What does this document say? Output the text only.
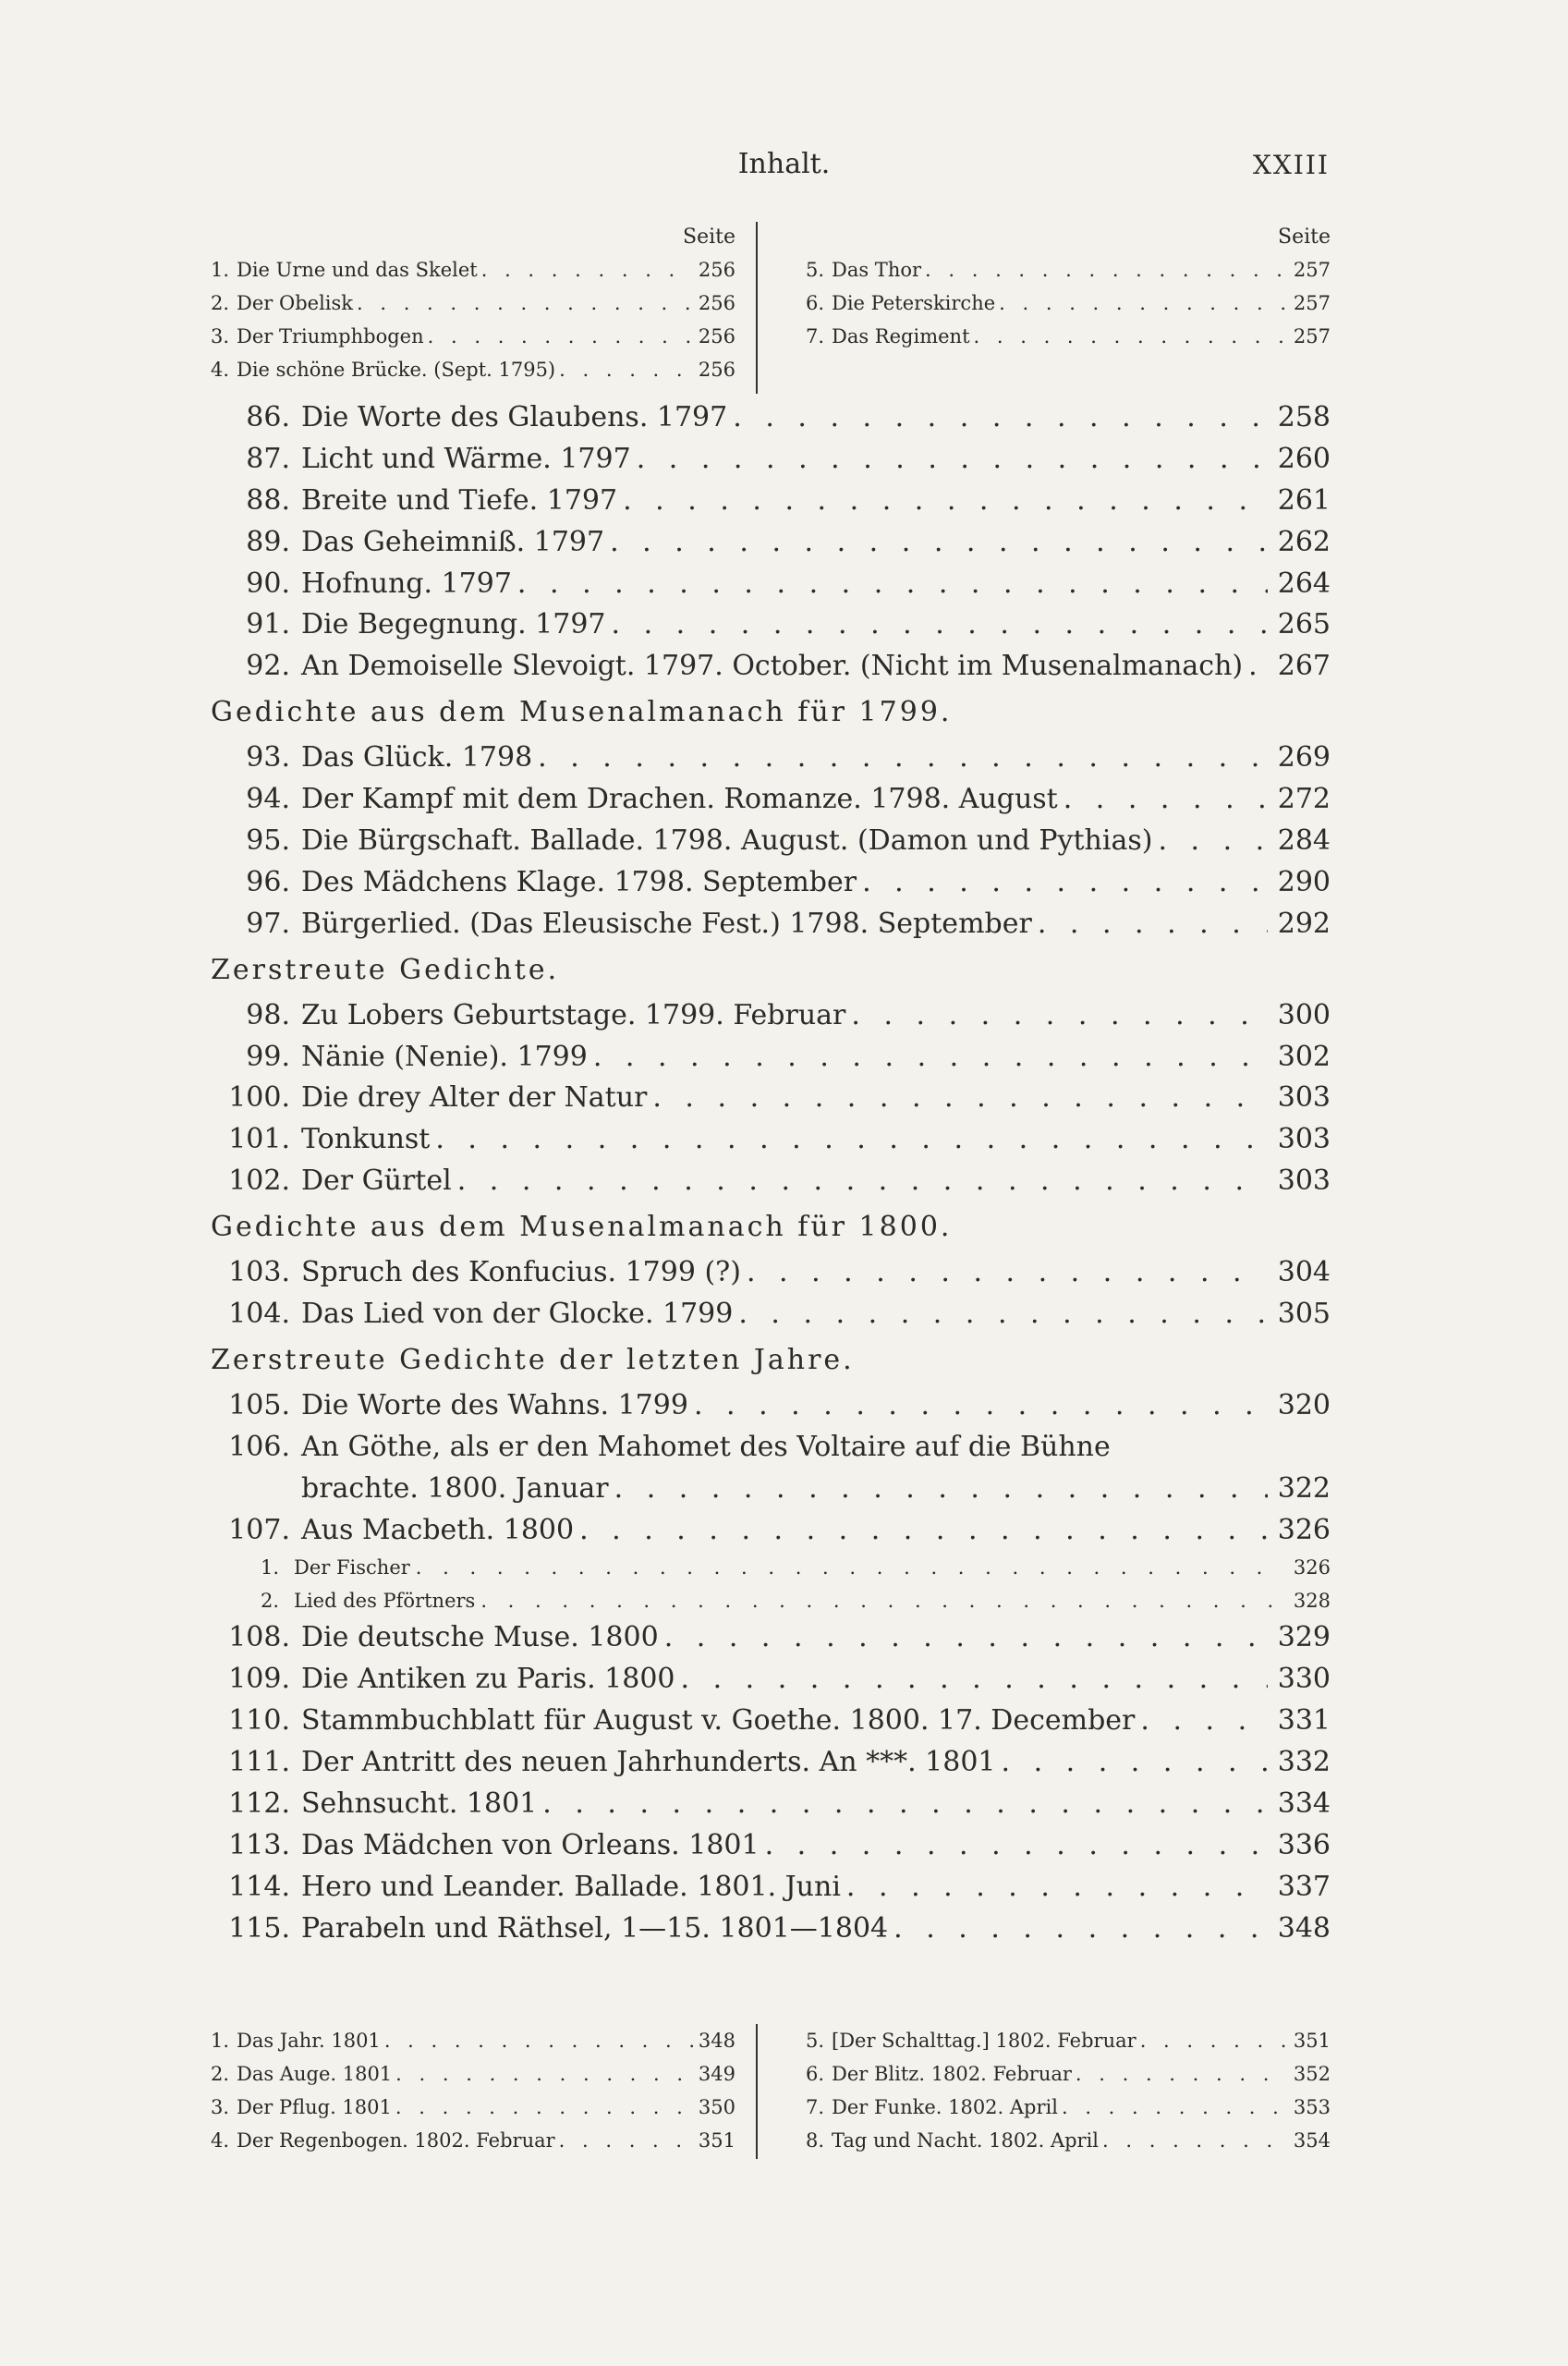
Inhalt.	XXIII
Seite
1. Die Urne und das Skelet . . .	256
2. Der Obelisk . . .	256
3. Der Triumphbogen . . .	256
4. Die schöne Brücke. (Sept. 1795) . . .	256
Seite
5. Das Thor . . .	257
6. Die Peterskirche . . .	257
7. Das Regiment . . .	257
86. Die Worte des Glaubens. 1797 . . .	258
87. Licht und Wärme. 1797 . . .	260
88. Breite und Tiefe. 1797 . . .	261
89. Das Geheimniß. 1797 . . .	262
90. Hofnung. 1797 . . .	264
91. Die Begegnung. 1797 . . .	265
92. An Demoiselle Slevoigt. 1797. October. (Nicht im Musenalmanach) . . . 267
Gedichte aus dem Musenalmanach für 1799.
93. Das Glück. 1798 . . .	269
94. Der Kampf mit dem Drachen. Romanze. 1798. August . . .	272
95. Die Bürgschaft. Ballade. 1798. August. (Damon und Pythias) . . .	284
96. Des Mädchens Klage. 1798. September . . .	290
97. Bürgerlied. (Das Eleusische Fest.) 1798. September . . .	292
Zerstreute Gedichte.
98. Zu Lobers Geburtstage. 1799. Februar . . .	300
99. Nänie (Nenie). 1799 . . .	302
100. Die drey Alter der Natur . . .	303
101. Tonkunst . . .	303
102. Der Gürtel . . .	303
Gedichte aus dem Musenalmanach für 1800.
103. Spruch des Konfucius. 1799 (?) . . .	304
104. Das Lied von der Glocke. 1799 . . .	305
Zerstreute Gedichte der letzten Jahre.
105. Die Worte des Wahns. 1799 . . .	320
106. An Göthe, als er den Mahomet des Voltaire auf die Bühne
brachte. 1800. Januar . . .	322
107. Aus Macbeth. 1800 . . .	326
1. Der Fischer . . .	326
2. Lied des Pförtners . . .	328
108. Die deutsche Muse. 1800 . . .	329
109. Die Antiken zu Paris. 1800 . . .	330
110. Stammbuchblatt für August v. Goethe. 1800. 17. December . . .	331
111. Der Antritt des neuen Jahrhunderts. An ***. 1801 . . .	332
112. Sehnsucht. 1801 . . .	334
113. Das Mädchen von Orleans. 1801 . . .	336
114. Hero und Leander. Ballade. 1801. Juni . . .	337
115. Parabeln und Räthsel, 1—15. 1801—1804 . . .	348
1. Das Jahr. 1801 . . .	348
2. Das Auge. 1801 . . .	349
3. Der Pflug. 1801 . . .	350
4. Der Regenbogen. 1802. Februar . . .	351
5. [Der Schalttag.] 1802. Februar . . .	351
6. Der Blitz. 1802. Februar . . .	352
7. Der Funke. 1802. April . . .	353
8. Tag und Nacht. 1802. April . . .	354
